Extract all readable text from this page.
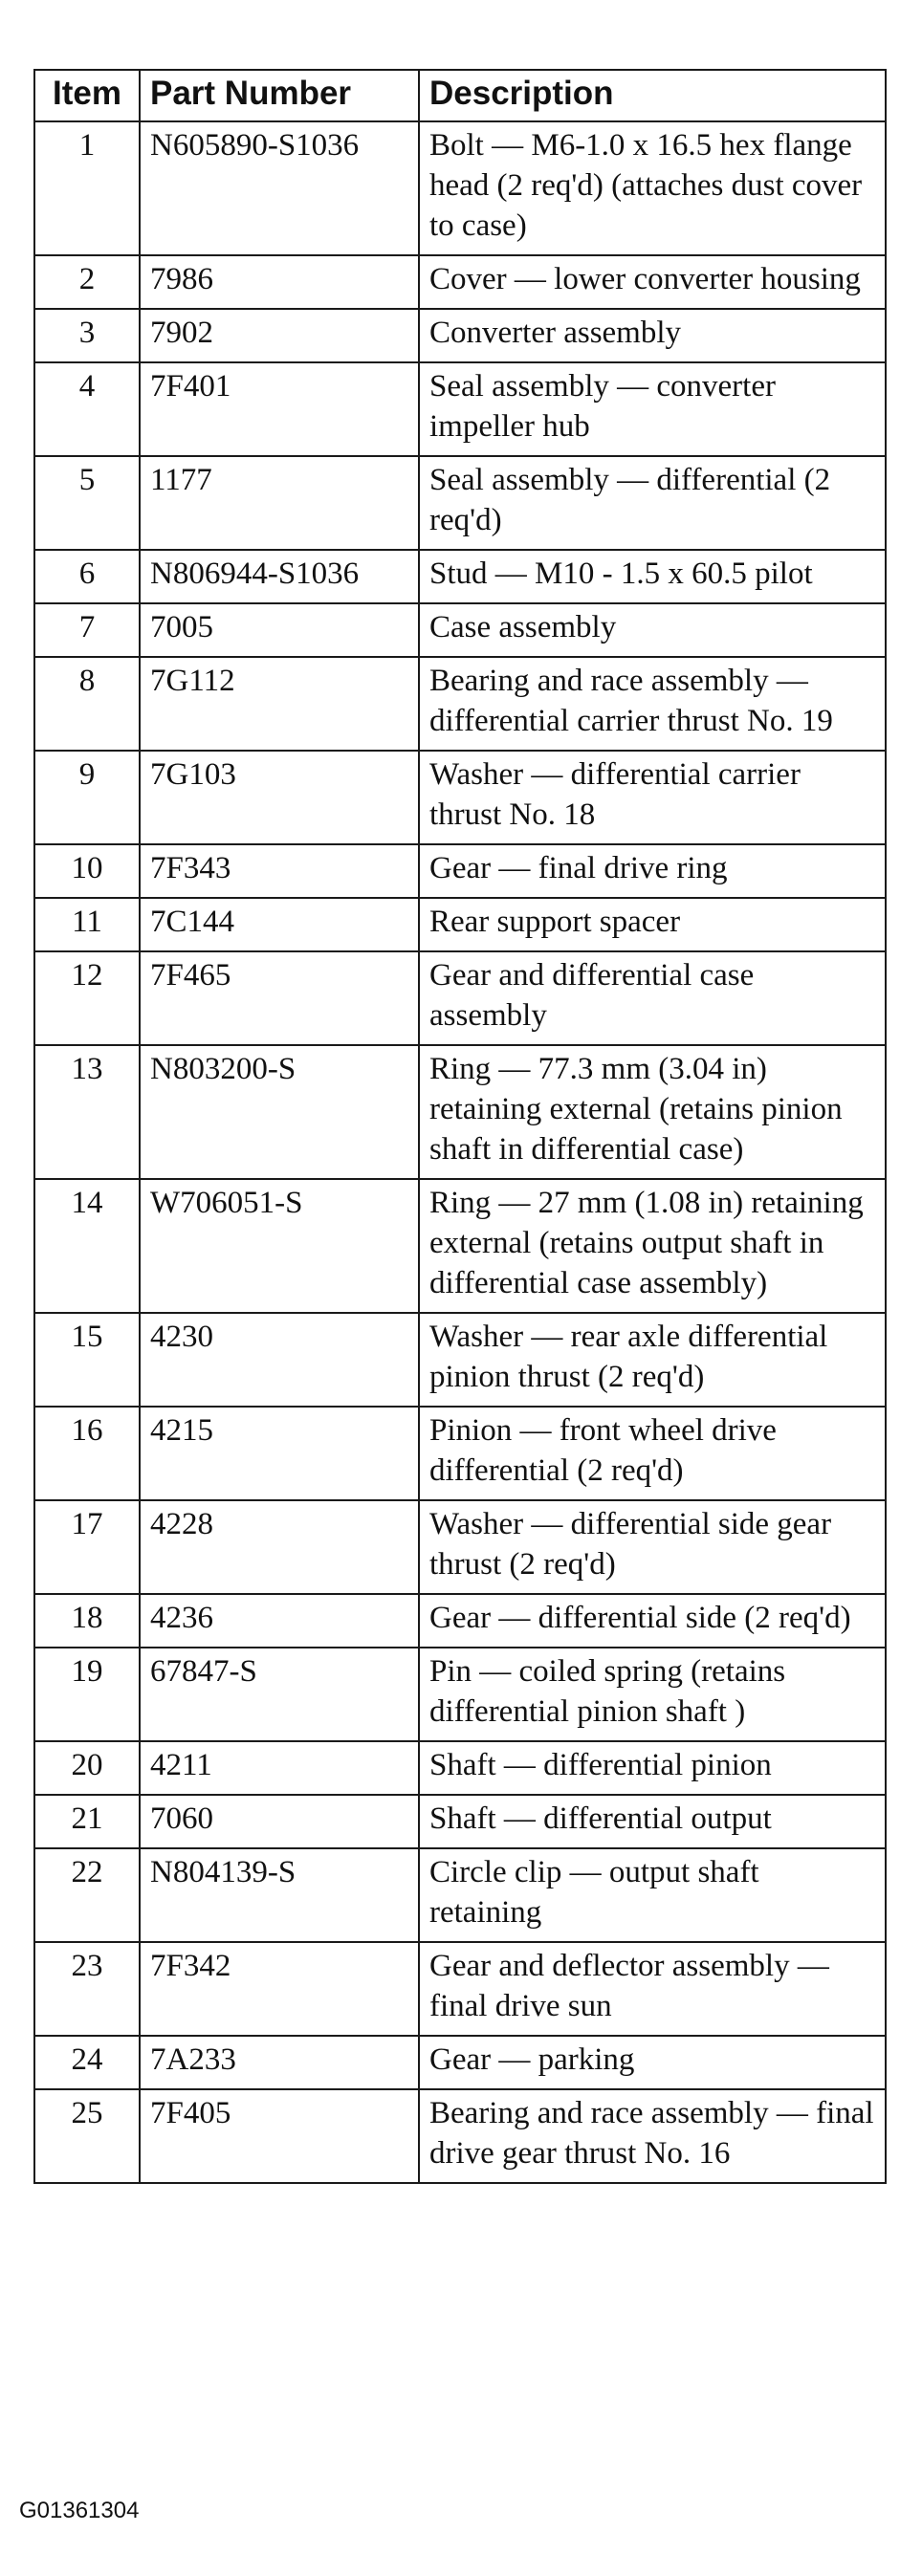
Item	Part Number	Description
1	N605890-S1036	Bolt — M6-1.0 x 16.5 hex flange head (2 req'd) (attaches dust cover to case)
2	7986	Cover — lower converter housing
3	7902	Converter assembly
4	7F401	Seal assembly — converter impeller hub
5	1177	Seal assembly — differential (2 req'd)
6	N806944-S1036	Stud — M10 - 1.5 x 60.5 pilot
7	7005	Case assembly
8	7G112	Bearing and race assembly — differential carrier thrust No. 19
9	7G103	Washer — differential carrier thrust No. 18
10	7F343	Gear — final drive ring
11	7C144	Rear support spacer
12	7F465	Gear and differential case assembly
13	N803200-S	Ring — 77.3 mm (3.04 in) retaining external (retains pinion shaft in differential case)
14	W706051-S	Ring — 27 mm (1.08 in) retaining external (retains output shaft in differential case assembly)
15	4230	Washer — rear axle differential pinion thrust (2 req'd)
16	4215	Pinion — front wheel drive differential (2 req'd)
17	4228	Washer — differential side gear thrust (2 req'd)
18	4236	Gear — differential side (2 req'd)
19	67847-S	Pin — coiled spring (retains differential pinion shaft )
20	4211	Shaft — differential pinion
21	7060	Shaft — differential output
22	N804139-S	Circle clip — output shaft retaining
23	7F342	Gear and deflector assembly — final drive sun
24	7A233	Gear — parking
25	7F405	Bearing and race assembly — final drive gear thrust No. 16
G01361304
